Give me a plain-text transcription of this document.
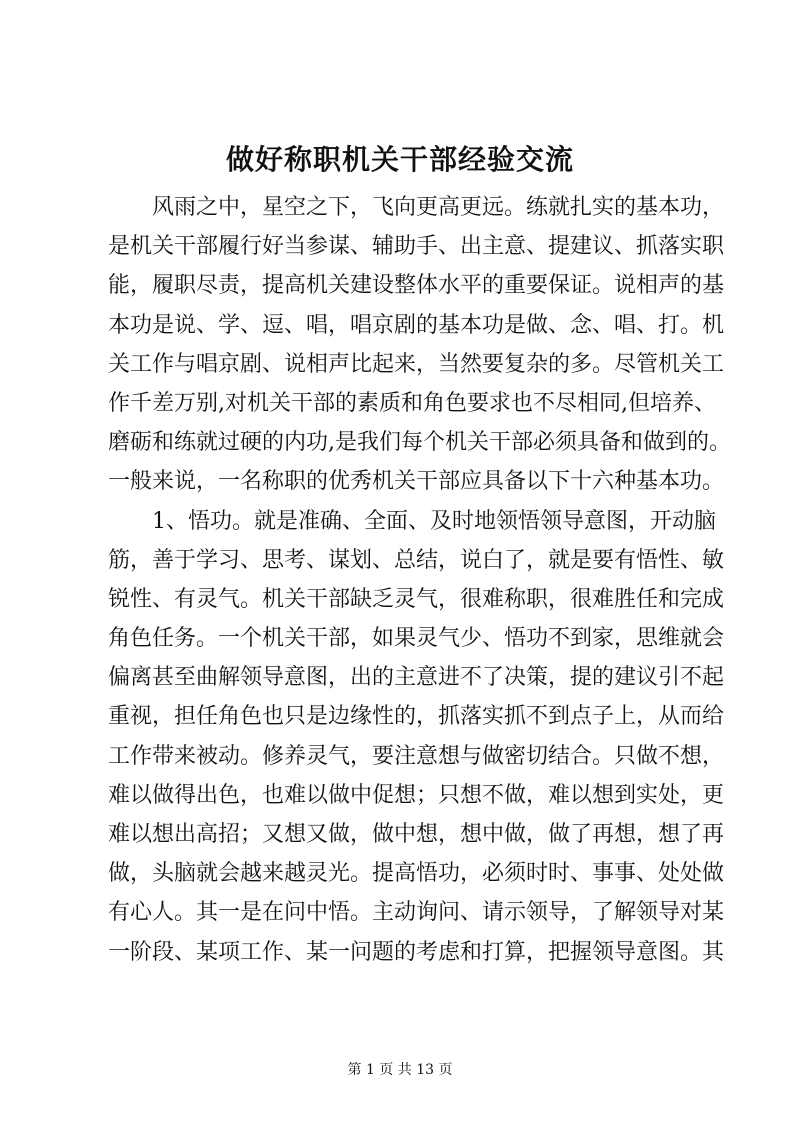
做好称职机关干部经验交流
　　风雨之中，星空之下，飞向更高更远。练就扎实的基本功，
是机关干部履行好当参谋、辅助手、出主意、提建议、抓落实职
能，履职尽责，提高机关建设整体水平的重要保证。说相声的基
本功是说、学、逗、唱，唱京剧的基本功是做、念、唱、打。机
关工作与唱京剧、说相声比起来，当然要复杂的多。尽管机关工
作千差万别,对机关干部的素质和角色要求也不尽相同,但培养、
磨砺和练就过硬的内功,是我们每个机关干部必须具备和做到的。
一般来说，一名称职的优秀机关干部应具备以下十六种基本功。
　　1、悟功。就是准确、全面、及时地领悟领导意图，开动脑
筋，善于学习、思考、谋划、总结，说白了，就是要有悟性、敏
锐性、有灵气。机关干部缺乏灵气，很难称职，很难胜任和完成
角色任务。一个机关干部，如果灵气少、悟功不到家，思维就会
偏离甚至曲解领导意图，出的主意进不了决策，提的建议引不起
重视，担任角色也只是边缘性的，抓落实抓不到点子上，从而给
工作带来被动。修养灵气，要注意想与做密切结合。只做不想，
难以做得出色，也难以做中促想；只想不做，难以想到实处，更
难以想出高招；又想又做，做中想，想中做，做了再想，想了再
做，头脑就会越来越灵光。提高悟功，必须时时、事事、处处做
有心人。其一是在问中悟。主动询问、请示领导，了解领导对某
一阶段、某项工作、某一问题的考虑和打算，把握领导意图。其
第 1 页 共 13 页
